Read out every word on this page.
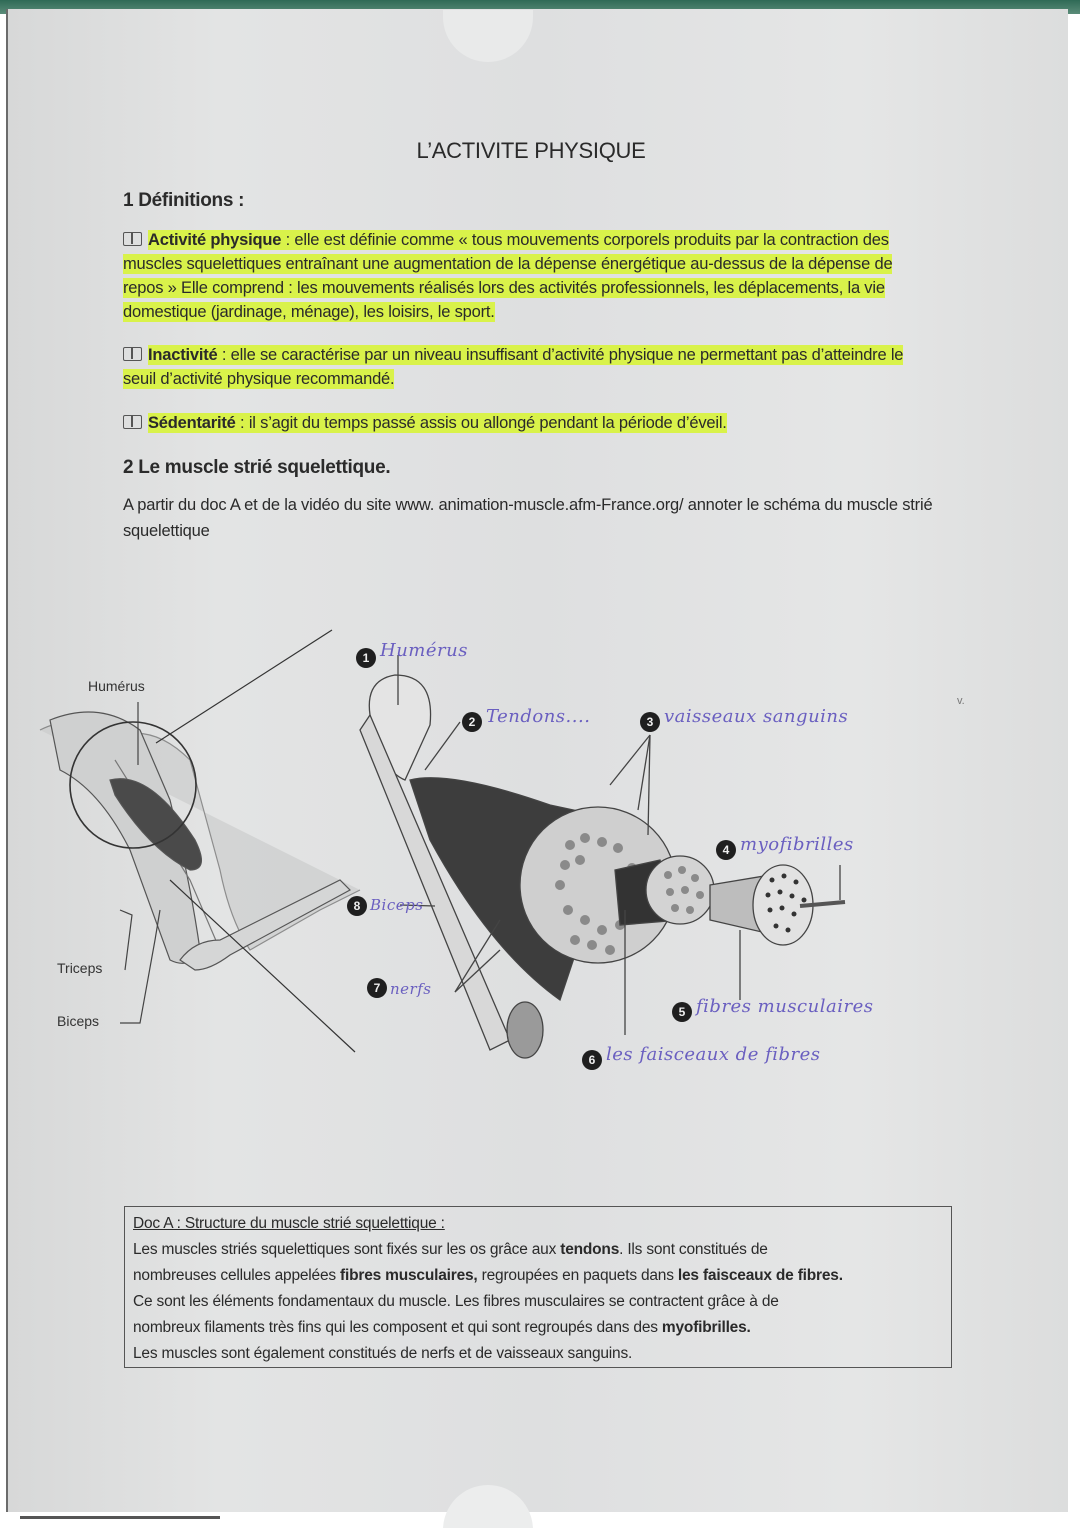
L’ACTIVITE PHYSIQUE
1 Définitions :

Activité physique : elle est définie comme « tous mouvements corporels produits par la contraction des muscles squelettiques entraînant une augmentation de la dépense énergétique au-dessus de la dépense de repos » Elle comprend : les mouvements réalisés lors des activités professionnels, les déplacements, la vie domestique (jardinage, ménage), les loisirs, le sport.

Inactivité : elle se caractérise par un niveau insuffisant d’activité physique ne permettant pas d’atteindre le seuil d’activité physique recommandé.

Sédentarité : il s’agit du temps passé assis ou allongé pendant la période d’éveil.

2 Le muscle strié squelettique.

A partir du doc A et de la vidéo du site www. animation-muscle.afm-France.org/ annoter le schéma du muscle strié squelettique

Humérus
Triceps
Biceps
1 Humérus
2 Tendons....	3 vaisseaux sanguins
4 myofibrilles
5 fibres musculaires
6 les faisceaux de fibres
7 nerfs
8 Biceps
v.
Doc A : Structure du muscle strié squelettique :
Les muscles striés squelettiques sont fixés sur les os grâce aux tendons. Ils sont constitués de
nombreuses cellules appelées fibres musculaires, regroupées en paquets dans les faisceaux de fibres.
Ce sont les éléments fondamentaux du muscle. Les fibres musculaires se contractent grâce à de
nombreux filaments très fins qui les composent et qui sont regroupés dans des myofibrilles.
Les muscles sont également constitués de nerfs et de vaisseaux sanguins.
